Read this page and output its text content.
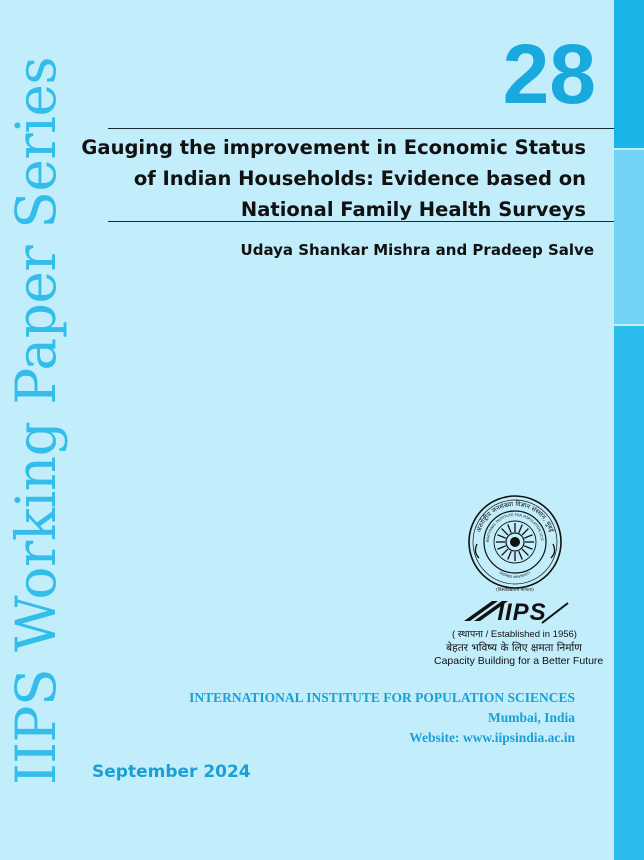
IIPS Working Paper Series	28
Gauging the improvement in Economic Status
of Indian Households: Evidence based on
National Family Health Surveys
Udaya Shankar Mishra and Pradeep Salve
अंतर्राष्ट्रीय जनसंख्या विज्ञान संस्थान, मुंबई
RNATIONAL INSTITUTE FOR POPULATION SCIE
DEEMED UNIVERSITY
(विश्वविद्यालय मान्यता)
IIPS
( स्थापना / Established in 1956)
बेहतर भविष्य के लिए क्षमता निर्माण
Capacity Building for a Better Future
INTERNATIONAL INSTITUTE FOR POPULATION SCIENCES
Mumbai, India
Website: www.iipsindia.ac.in
September 2024
